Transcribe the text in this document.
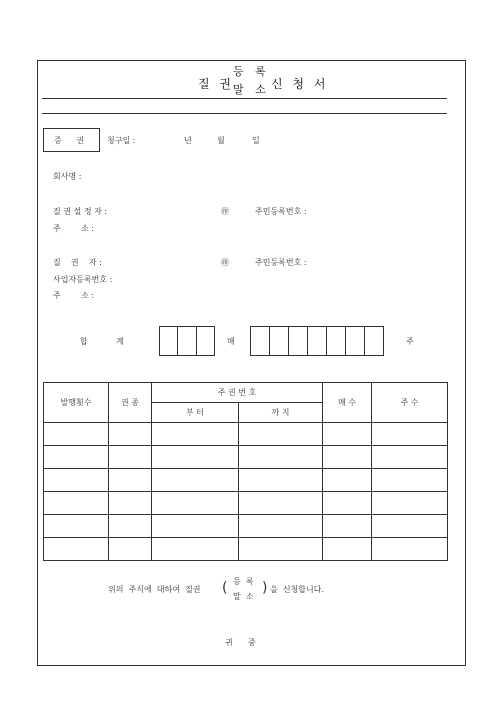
질 권
등 록
말 소 신 청 서
증 권 청구일 :	년	월	일
회사명 :
질 권 설 정 자 :	㊞	주민등록번호 :
주        소 :
질    권    자 :	㊞	주민등록번호 :
사업자등록번호 :
주        소 :
합	계	매	주
발행횟수	권 종	주 권 번 호		매 수	주 수
		부 터	까 지		

위의  주식에  대하여  질권 ( 등  록
말  소
) 을  신청합니다.
귀      중
